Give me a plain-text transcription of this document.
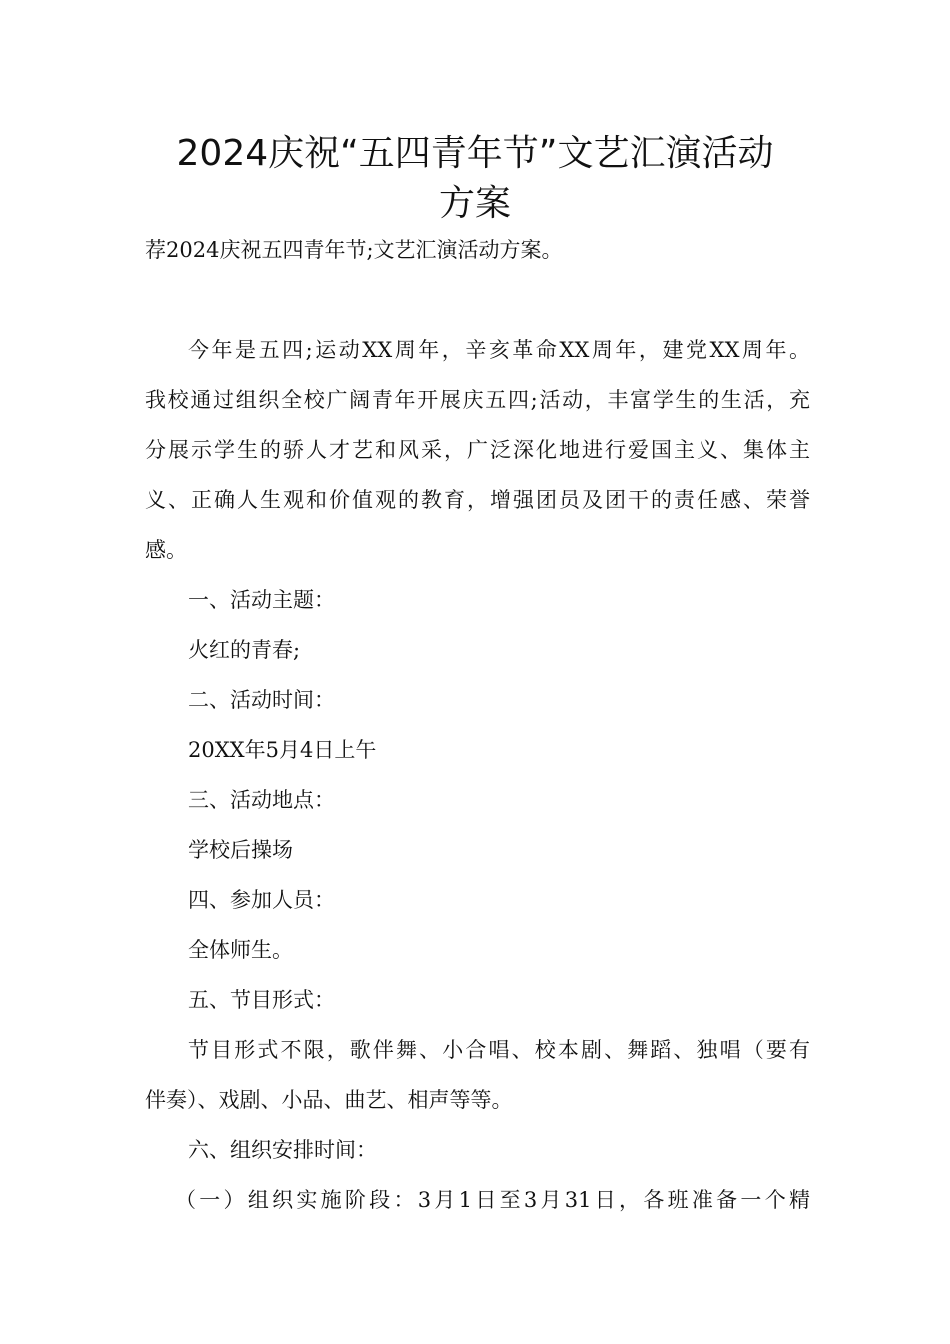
2024庆祝“五四青年节”文艺汇演活动
方案

荐2024庆祝五四青年节;文艺汇演活动方案。

今年是五四;运动XX周年，辛亥革命XX周年，建党XX周年。

我校通过组织全校广阔青年开展庆五四;活动，丰富学生的生活，充

分展示学生的骄人才艺和风采，广泛深化地进行爱国主义、集体主

义、正确人生观和价值观的教育，增强团员及团干的责任感、荣誉

感。

一、活动主题：

火红的青春;

二、活动时间：

20XX年5月4日上午

三、活动地点：

学校后操场

四、参加人员：

全体师生。

五、节目形式：

节目形式不限，歌伴舞、小合唱、校本剧、舞蹈、独唱（要有

伴奏）、戏剧、小品、曲艺、相声等等。

六、组织安排时间：

（一）组织实施阶段：3月1日至3月31日，各班准备一个精
